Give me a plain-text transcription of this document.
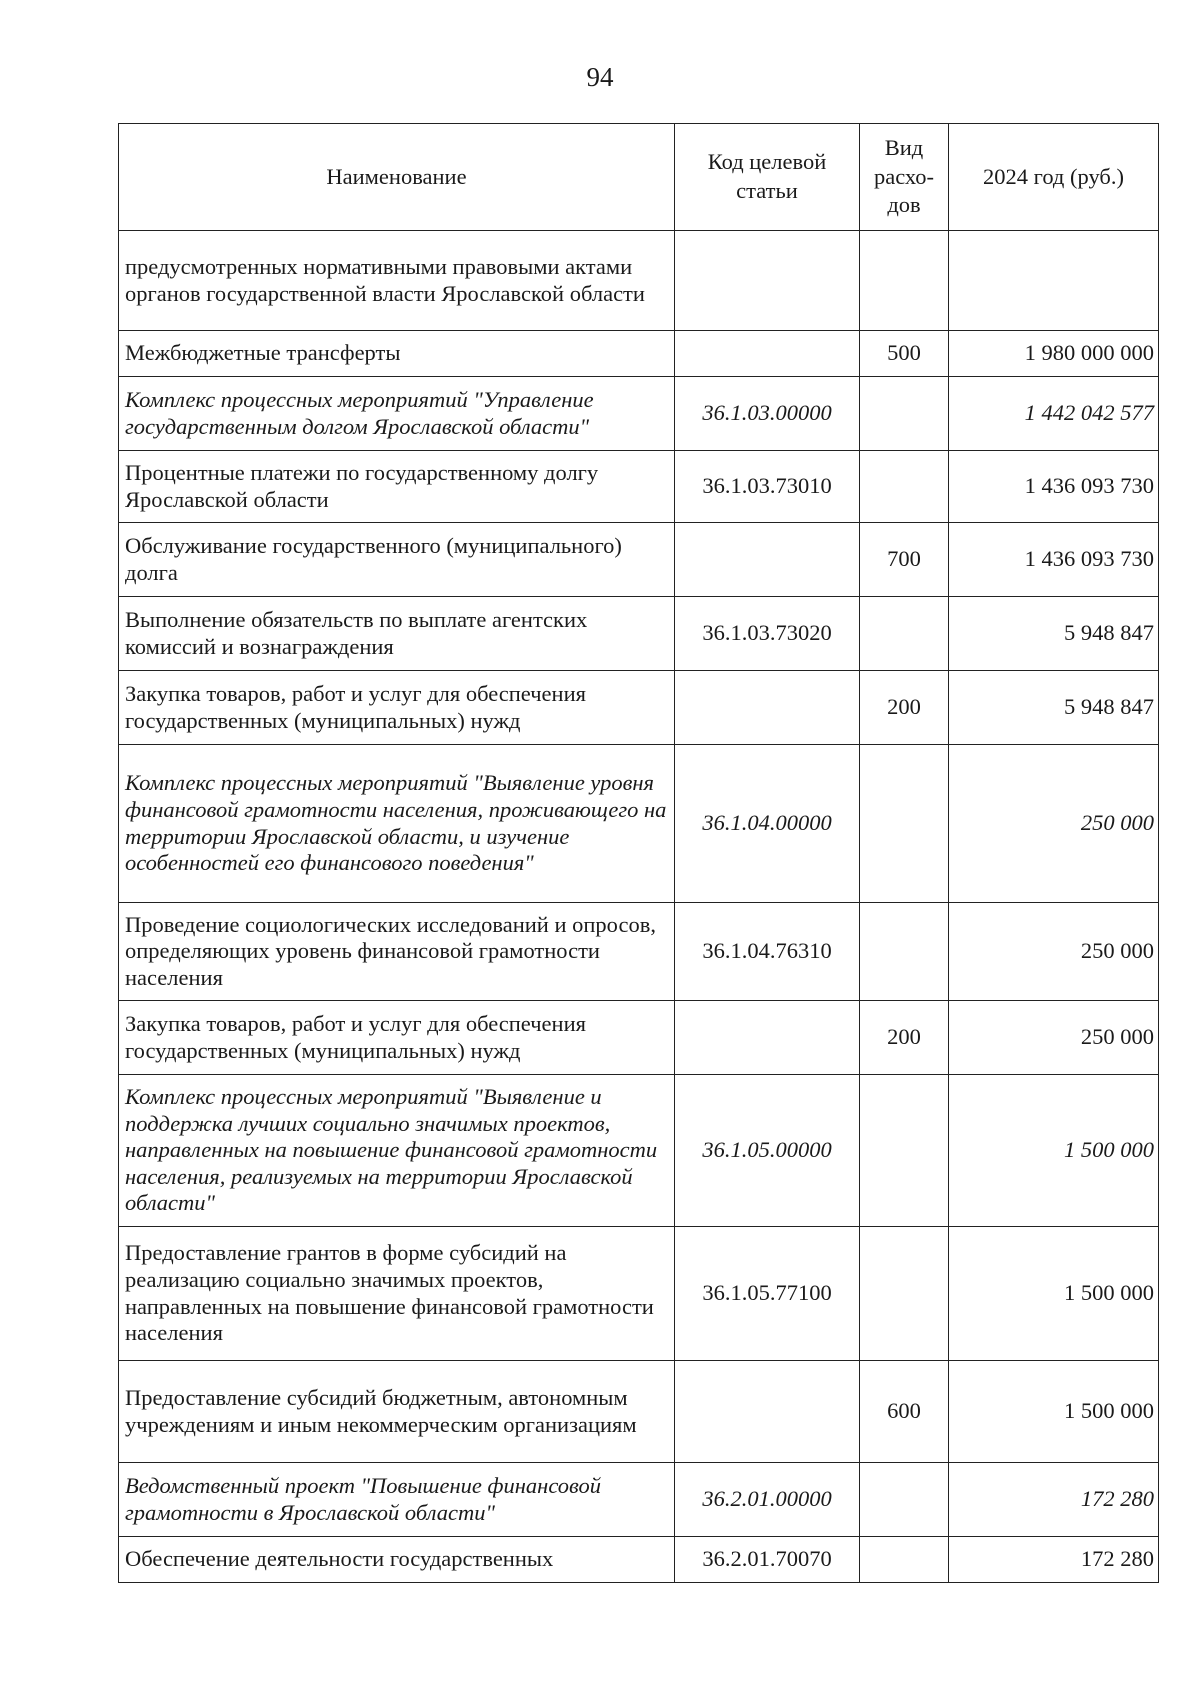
94
Наименование	Код целевой статьи	Вид расхо-дов	2024 год (руб.)
предусмотренных нормативными правовыми актами органов государственной власти Ярославской области			
Межбюджетные трансферты		500	1 980 000 000
Комплекс процессных мероприятий "Управление государственным долгом Ярославской области"	36.1.03.00000		1 442 042 577
Процентные платежи по государственному долгу Ярославской области	36.1.03.73010		1 436 093 730
Обслуживание государственного (муниципального) долга		700	1 436 093 730
Выполнение обязательств по выплате агентских комиссий и вознаграждения	36.1.03.73020		5 948 847
Закупка товаров, работ и услуг для обеспечения государственных (муниципальных) нужд		200	5 948 847
Комплекс процессных мероприятий "Выявление уровня финансовой грамотности населения, проживающего на территории Ярославской области, и изучение особенностей его финансового поведения"	36.1.04.00000		250 000
Проведение социологических исследований и опросов, определяющих уровень финансовой грамотности населения	36.1.04.76310		250 000
Закупка товаров, работ и услуг для обеспечения государственных (муниципальных) нужд		200	250 000
Комплекс процессных мероприятий "Выявление и поддержка лучших социально значимых проектов, направленных на повышение финансовой грамотности населения, реализуемых на территории Ярославской области"	36.1.05.00000		1 500 000
Предоставление грантов в форме субсидий на реализацию социально значимых проектов, направленных на повышение финансовой грамотности населения	36.1.05.77100		1 500 000
Предоставление субсидий бюджетным, автономным учреждениям и иным некоммерческим организациям		600	1 500 000
Ведомственный проект "Повышение финансовой грамотности в Ярославской области"	36.2.01.00000		172 280
Обеспечение деятельности государственных	36.2.01.70070		172 280
